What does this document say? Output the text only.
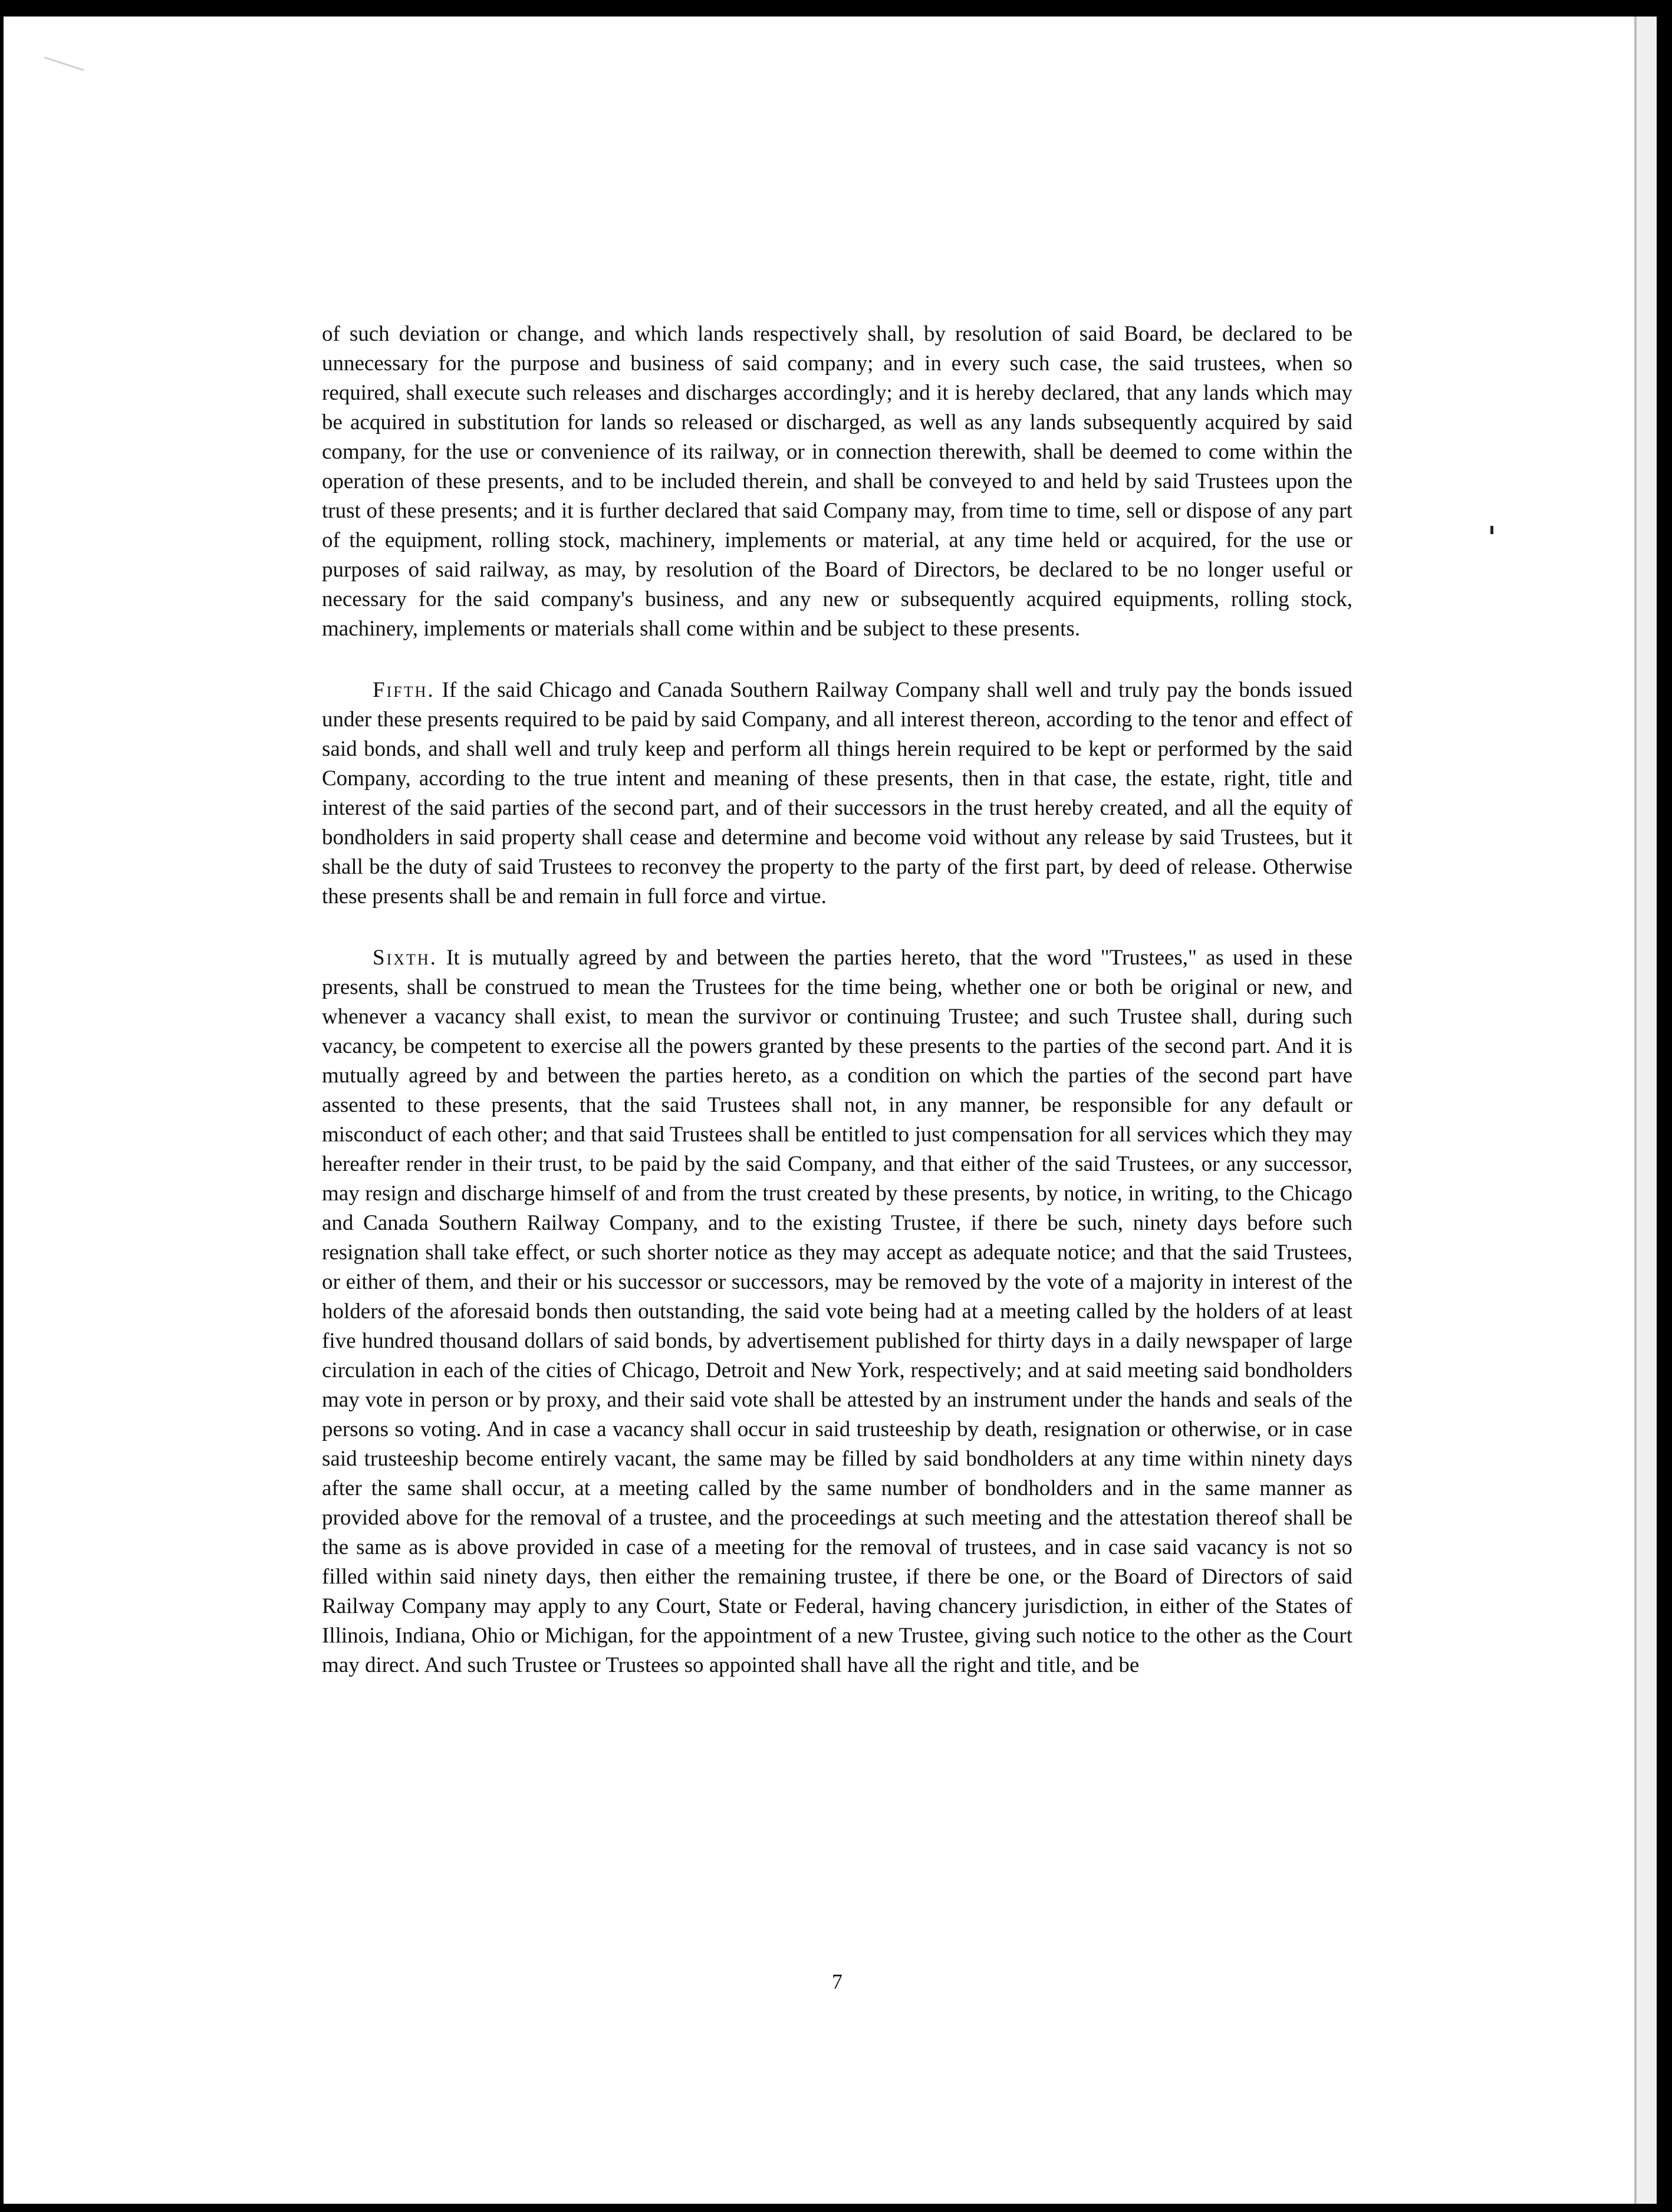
of such deviation or change, and which lands respectively shall, by resolution of said Board, be declared to be unnecessary for the purpose and business of said company; and in every such case, the said trustees, when so required, shall execute such releases and discharges accordingly; and it is hereby declared, that any lands which may be acquired in substitution for lands so released or discharged, as well as any lands subsequently acquired by said company, for the use or convenience of its railway, or in connection therewith, shall be deemed to come within the operation of these presents, and to be included therein, and shall be conveyed to and held by said Trustees upon the trust of these presents; and it is further declared that said Company may, from time to time, sell or dispose of any part of the equipment, rolling stock, machinery, implements or material, at any time held or acquired, for the use or purposes of said railway, as may, by resolution of the Board of Directors, be declared to be no longer useful or necessary for the said company's business, and any new or subsequently acquired equipments, rolling stock, machinery, implements or materials shall come within and be subject to these presents.

Fifth. If the said Chicago and Canada Southern Railway Company shall well and truly pay the bonds issued under these presents required to be paid by said Company, and all interest thereon, according to the tenor and effect of said bonds, and shall well and truly keep and perform all things herein required to be kept or performed by the said Company, according to the true intent and meaning of these presents, then in that case, the estate, right, title and interest of the said parties of the second part, and of their successors in the trust hereby created, and all the equity of bondholders in said property shall cease and determine and become void without any release by said Trustees, but it shall be the duty of said Trustees to reconvey the property to the party of the first part, by deed of release. Otherwise these presents shall be and remain in full force and virtue.

Sixth. It is mutually agreed by and between the parties hereto, that the word "Trustees," as used in these presents, shall be construed to mean the Trustees for the time being, whether one or both be original or new, and whenever a vacancy shall exist, to mean the survivor or continuing Trustee; and such Trustee shall, during such vacancy, be competent to exercise all the powers granted by these presents to the parties of the second part. And it is mutually agreed by and between the parties hereto, as a condition on which the parties of the second part have assented to these presents, that the said Trustees shall not, in any manner, be responsible for any default or misconduct of each other; and that said Trustees shall be entitled to just compensation for all services which they may hereafter render in their trust, to be paid by the said Company, and that either of the said Trustees, or any successor, may resign and discharge himself of and from the trust created by these presents, by notice, in writing, to the Chicago and Canada Southern Railway Company, and to the existing Trustee, if there be such, ninety days before such resignation shall take effect, or such shorter notice as they may accept as adequate notice; and that the said Trustees, or either of them, and their or his successor or successors, may be removed by the vote of a majority in interest of the holders of the aforesaid bonds then outstanding, the said vote being had at a meeting called by the holders of at least five hundred thousand dollars of said bonds, by advertisement published for thirty days in a daily newspaper of large circulation in each of the cities of Chicago, Detroit and New York, respectively; and at said meeting said bondholders may vote in person or by proxy, and their said vote shall be attested by an instrument under the hands and seals of the persons so voting. And in case a vacancy shall occur in said trusteeship by death, resignation or otherwise, or in case said trusteeship become entirely vacant, the same may be filled by said bondholders at any time within ninety days after the same shall occur, at a meeting called by the same number of bondholders and in the same manner as provided above for the removal of a trustee, and the proceedings at such meeting and the attestation thereof shall be the same as is above provided in case of a meeting for the removal of trustees, and in case said vacancy is not so filled within said ninety days, then either the remaining trustee, if there be one, or the Board of Directors of said Railway Company may apply to any Court, State or Federal, having chancery jurisdiction, in either of the States of Illinois, Indiana, Ohio or Michigan, for the appointment of a new Trustee, giving such notice to the other as the Court may direct. And such Trustee or Trustees so appointed shall have all the right and title, and be

7
